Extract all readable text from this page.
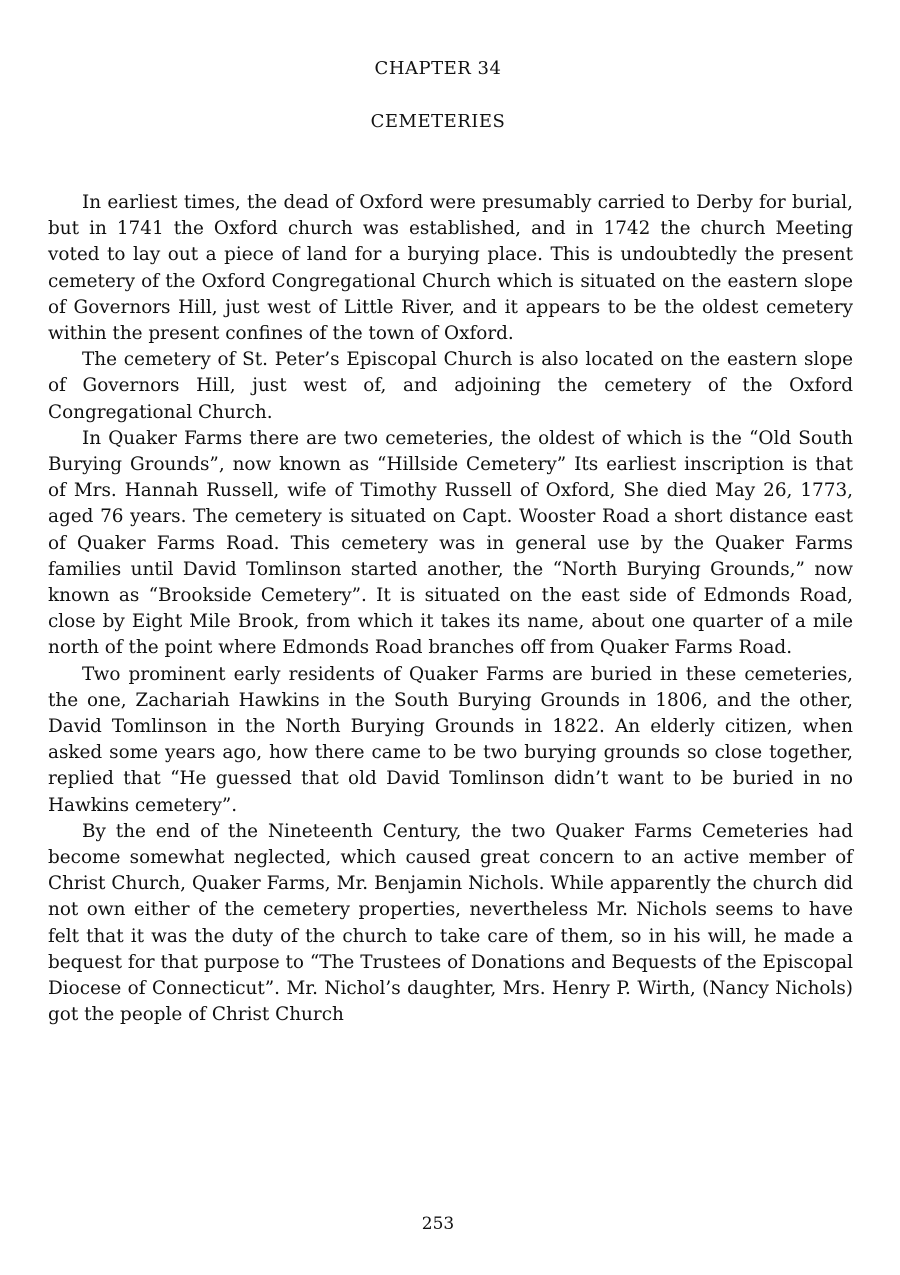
CHAPTER 34
CEMETERIES

In earliest times, the dead of Oxford were presumably carried to Derby for burial, but in 1741 the Oxford church was established, and in 1742 the church Meeting voted to lay out a piece of land for a burying place. This is undoubtedly the present cemetery of the Oxford Congregational Church which is situated on the eastern slope of Governors Hill, just west of Little River, and it appears to be the oldest cemetery within the present confines of the town of Oxford.

The cemetery of St. Peter’s Episcopal Church is also located on the eastern slope of Governors Hill, just west of, and adjoining the cemetery of the Oxford Congregational Church.

In Quaker Farms there are two cemeteries, the oldest of which is the “Old South Burying Grounds”, now known as “Hillside Cemetery” Its earliest inscription is that of Mrs. Hannah Russell, wife of Timothy Russell of Oxford, She died May 26, 1773, aged 76 years. The cemetery is situated on Capt. Wooster Road a short distance east of Quaker Farms Road. This cemetery was in general use by the Quaker Farms families until David Tomlinson started another, the “North Burying Grounds,” now known as “Brookside Cemetery”. It is situated on the east side of Edmonds Road, close by Eight Mile Brook, from which it takes its name, about one quarter of a mile north of the point where Edmonds Road branches off from Quaker Farms Road.

Two prominent early residents of Quaker Farms are buried in these cemeteries, the one, Zachariah Hawkins in the South Burying Grounds in 1806, and the other, David Tomlinson in the North Burying Grounds in 1822. An elderly citizen, when asked some years ago, how there came to be two burying grounds so close together, replied that “He guessed that old David Tomlinson didn’t want to be buried in no Hawkins cemetery”.

By the end of the Nineteenth Century, the two Quaker Farms Cemeteries had become somewhat neglected, which caused great concern to an active member of Christ Church, Quaker Farms, Mr. Benjamin Nichols. While apparently the church did not own either of the cemetery properties, nevertheless Mr. Nichols seems to have felt that it was the duty of the church to take care of them, so in his will, he made a bequest for that purpose to “The Trustees of Donations and Bequests of the Episcopal Diocese of Connecticut”. Mr. Nichol’s daughter, Mrs. Henry P. Wirth, (Nancy Nichols) got the people of Christ Church

253
